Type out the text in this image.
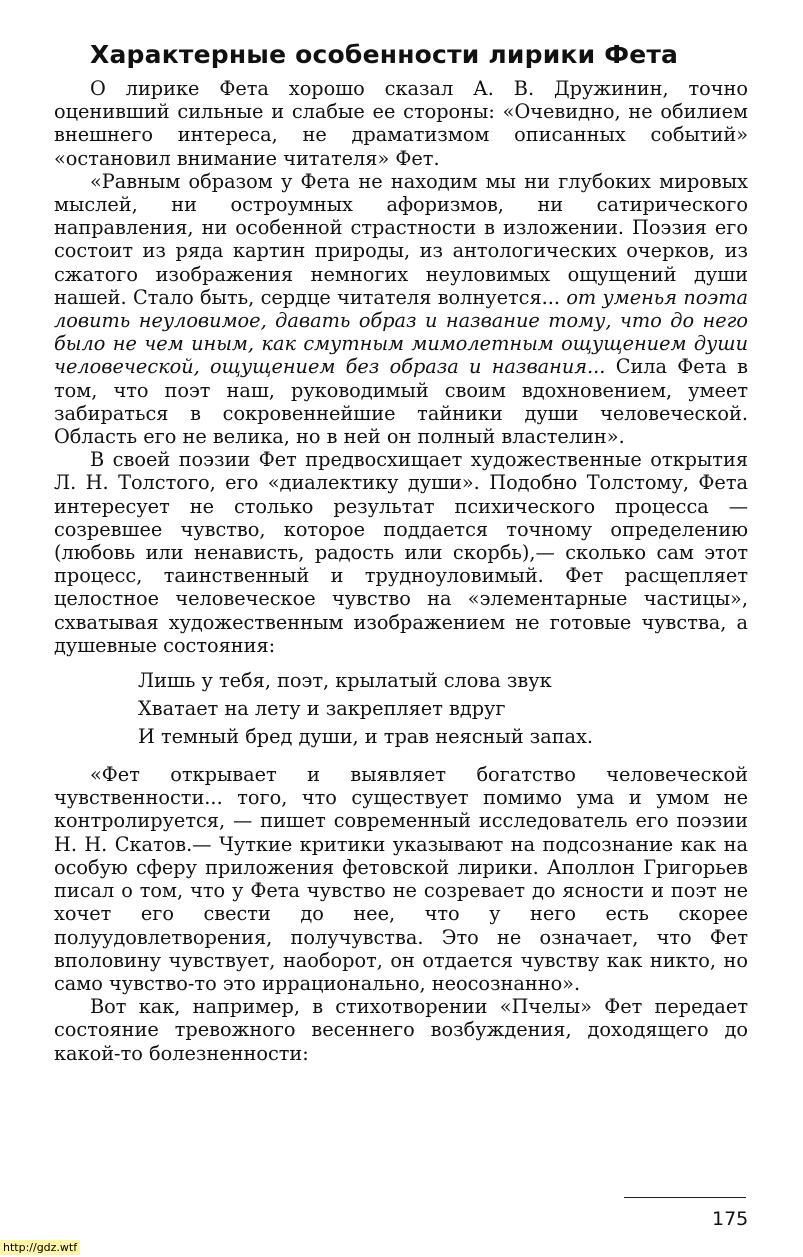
Характерные особенности лирики Фета

О лирике Фета хорошо сказал А. В. Дружинин, точно оценивший сильные и слабые ее стороны: «Очевидно, не обилием внешнего интереса, не драматизмом описанных событий» «остановил внимание читателя» Фет.

«Равным образом у Фета не находим мы ни глубоких мировых мыслей, ни остроумных афоризмов, ни сатирического направления, ни особенной страстности в изложении. Поэзия его состоит из ряда картин природы, из антологических очерков, из сжатого изображения немногих неуловимых ощущений души нашей. Стало быть, сердце читателя волнуется... от уменья поэта ловить неуловимое, давать образ и название тому, что до него было не чем иным, как смутным мимолетным ощущением души человеческой, ощущением без образа и названия... Сила Фета в том, что поэт наш, руководимый своим вдохновением, умеет забираться в сокровеннейшие тайники души человеческой. Область его не велика, но в ней он полный властелин».

В своей поэзии Фет предвосхищает художественные открытия Л. Н. Толстого, его «диалектику души». Подобно Толстому, Фета интересует не столько результат психического процесса — созревшее чувство, которое поддается точному определению (любовь или ненависть, радость или скорбь),— сколько сам этот процесс, таинственный и трудноуловимый. Фет расщепляет целостное человеческое чувство на «элементарные частицы», схватывая художественным изображением не готовые чувства, а душевные состояния:

Лишь у тебя, поэт, крылатый слова звук
Хватает на лету и закрепляет вдруг
И темный бред души, и трав неясный запах.

«Фет открывает и выявляет богатство человеческой чувственности... того, что существует помимо ума и умом не контролируется, — пишет современный исследователь его поэзии Н. Н. Скатов.— Чуткие критики указывают на подсознание как на особую сферу приложения фетовской лирики. Аполлон Григорьев писал о том, что у Фета чувство не созревает до ясности и поэт не хочет его свести до нее, что у него есть скорее полуудовлетворения, получувства. Это не означает, что Фет вполовину чувствует, наоборот, он отдается чувству как никто, но само чувство-то это иррационально, неосознанно».

Вот как, например, в стихотворении «Пчелы» Фет передает состояние тревожного весеннего возбуждения, доходящего до какой-то болезненности:

175
http://gdz.wtf
